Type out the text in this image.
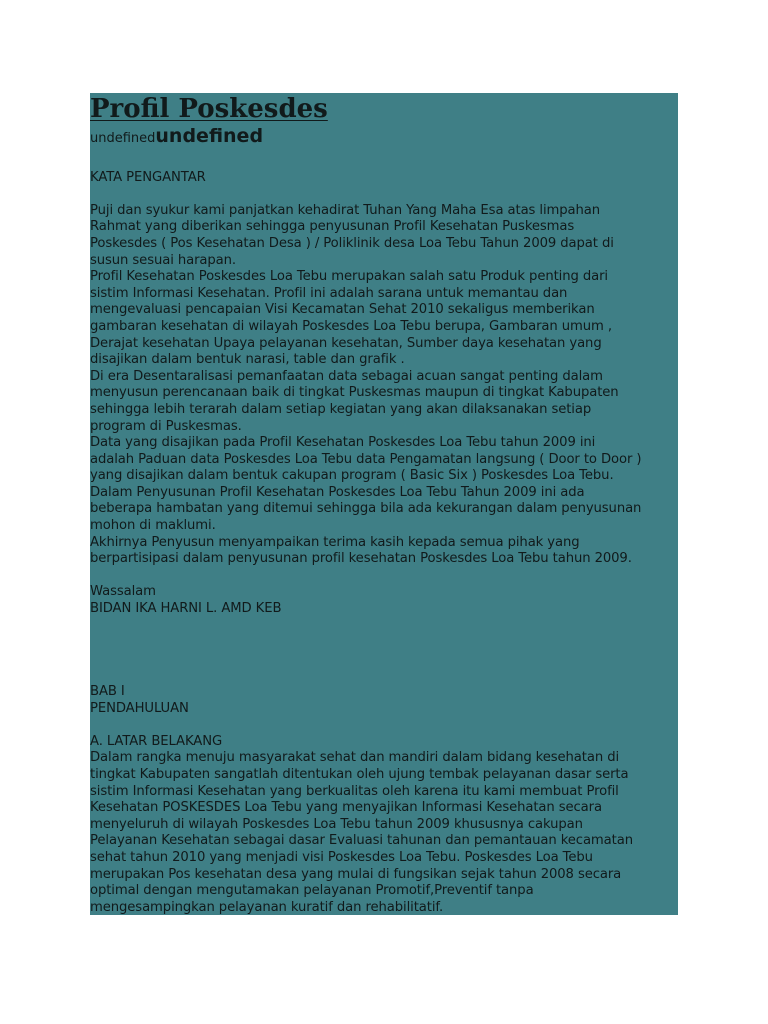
Profil Poskesdes
undefinedundefined
KATA PENGANTAR
Puji dan syukur kami panjatkan kehadirat Tuhan Yang Maha Esa atas limpahan
Rahmat yang diberikan sehingga penyusunan Profil Kesehatan Puskesmas
Poskesdes ( Pos Kesehatan Desa ) / Poliklinik desa Loa Tebu Tahun 2009 dapat di
susun sesuai harapan.
Profil Kesehatan Poskesdes Loa Tebu merupakan salah satu Produk penting dari
sistim Informasi Kesehatan. Profil ini adalah sarana untuk memantau dan
mengevaluasi pencapaian Visi Kecamatan Sehat 2010 sekaligus memberikan
gambaran kesehatan di wilayah Poskesdes Loa Tebu berupa, Gambaran umum ,
Derajat kesehatan Upaya pelayanan kesehatan, Sumber daya kesehatan yang
disajikan dalam bentuk narasi, table dan grafik .
Di era Desentaralisasi pemanfaatan data sebagai acuan sangat penting dalam
menyusun perencanaan baik di tingkat Puskesmas maupun di tingkat Kabupaten
sehingga lebih terarah dalam setiap kegiatan yang akan dilaksanakan setiap
program di Puskesmas.
Data yang disajikan pada Profil Kesehatan Poskesdes Loa Tebu tahun 2009 ini
adalah Paduan data Poskesdes Loa Tebu data Pengamatan langsung ( Door to Door )
yang disajikan dalam bentuk cakupan program ( Basic Six ) Poskesdes Loa Tebu.
Dalam Penyusunan Profil Kesehatan Poskesdes Loa Tebu Tahun 2009 ini ada
beberapa hambatan yang ditemui sehingga bila ada kekurangan dalam penyusunan
mohon di maklumi.
Akhirnya Penyusun menyampaikan terima kasih kepada semua pihak yang
berpartisipasi dalam penyusunan profil kesehatan Poskesdes Loa Tebu tahun 2009.
Wassalam
BIDAN IKA HARNI L. AMD KEB
BAB I
PENDAHULUAN
A. LATAR BELAKANG
Dalam rangka menuju masyarakat sehat dan mandiri dalam bidang kesehatan di
tingkat Kabupaten sangatlah ditentukan oleh ujung tembak pelayanan dasar serta
sistim Informasi Kesehatan yang berkualitas oleh karena itu kami membuat Profil
Kesehatan POSKESDES Loa Tebu yang menyajikan Informasi Kesehatan secara
menyeluruh di wilayah Poskesdes Loa Tebu tahun 2009 khususnya cakupan
Pelayanan Kesehatan sebagai dasar Evaluasi tahunan dan pemantauan kecamatan
sehat tahun 2010 yang menjadi visi Poskesdes Loa Tebu. Poskesdes Loa Tebu
merupakan Pos kesehatan desa yang mulai di fungsikan sejak tahun 2008 secara
optimal dengan mengutamakan pelayanan Promotif,Preventif tanpa
mengesampingkan pelayanan kuratif dan rehabilitatif.
